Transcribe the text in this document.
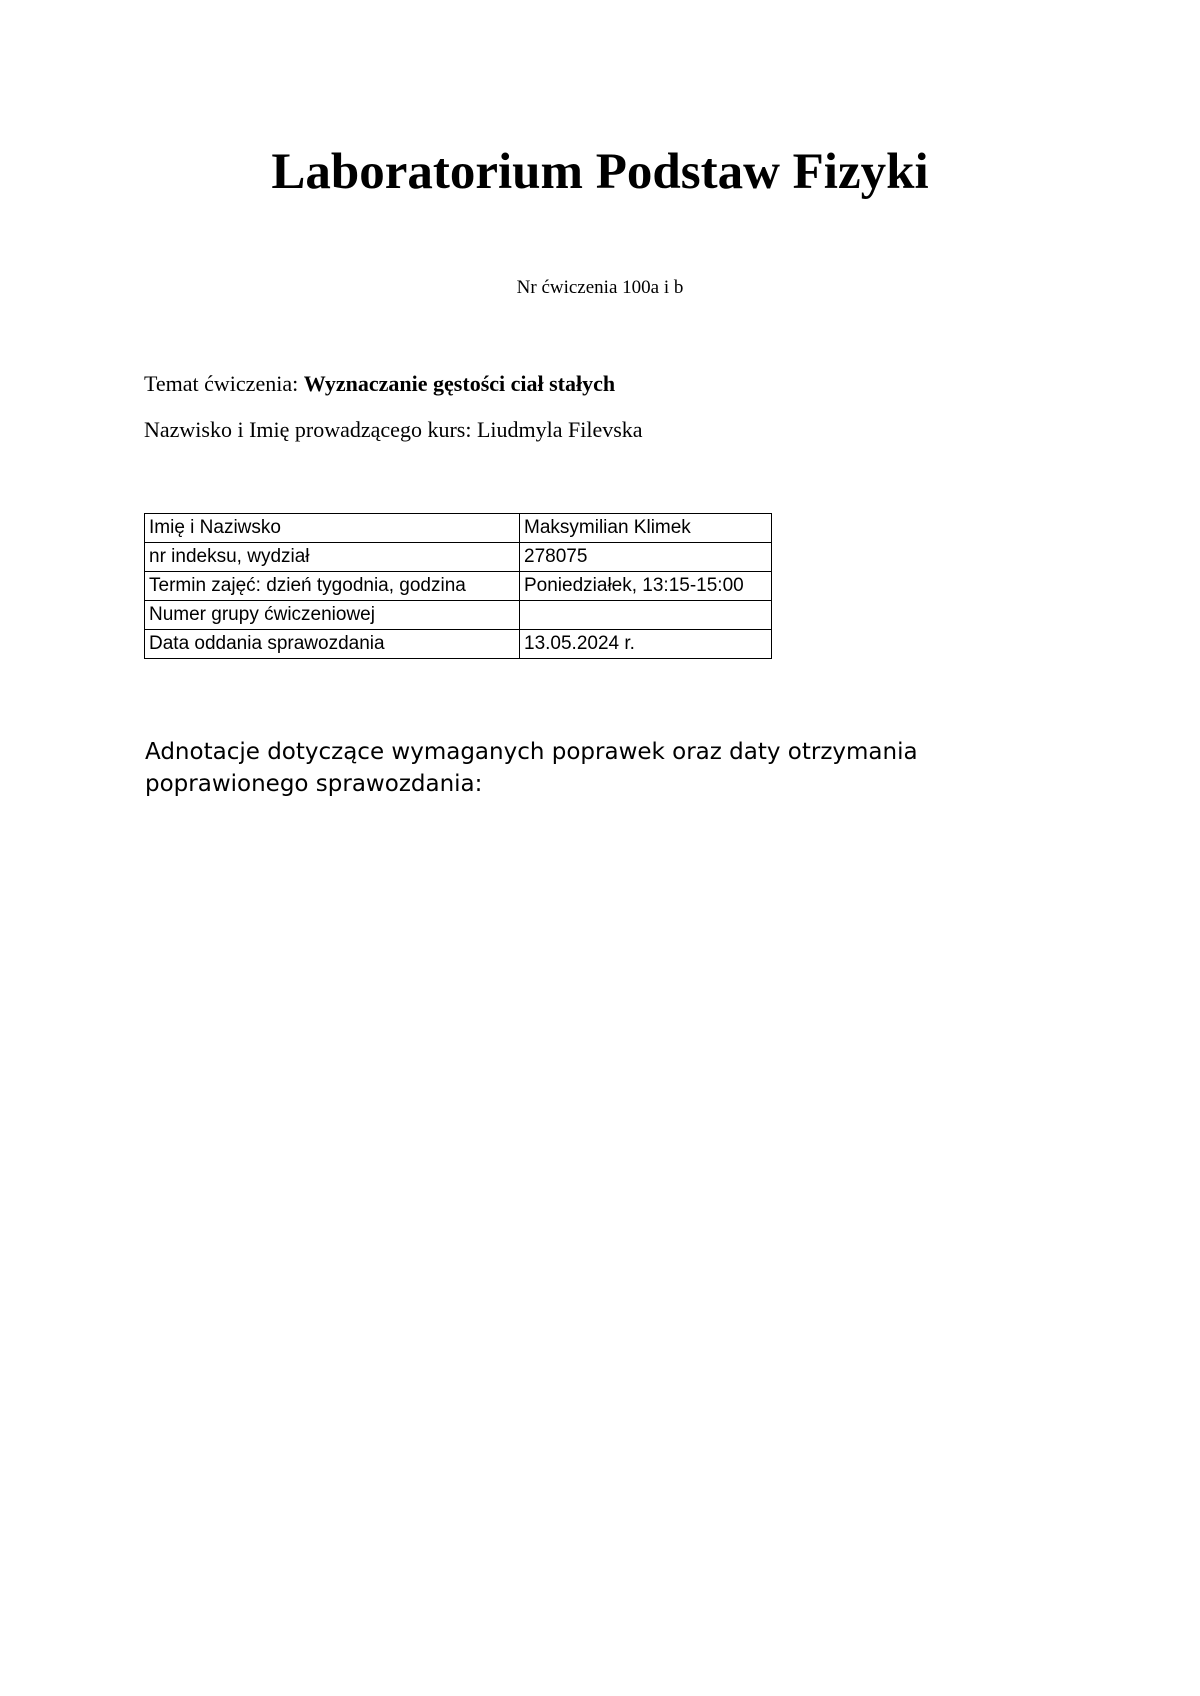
Laboratorium Podstaw Fizyki
Nr ćwiczenia 100a i b
Temat ćwiczenia: Wyznaczanie gęstości ciał stałych
Nazwisko i Imię prowadzącego kurs: Liudmyla Filevska
Imię i Naziwsko	Maksymilian Klimek
nr indeksu, wydział	278075
Termin zajęć: dzień tygodnia, godzina	Poniedziałek, 13:15-15:00
Numer grupy ćwiczeniowej	
Data oddania sprawozdania	13.05.2024 r.
Adnotacje dotyczące wymaganych poprawek oraz daty otrzymania poprawionego sprawozdania:
